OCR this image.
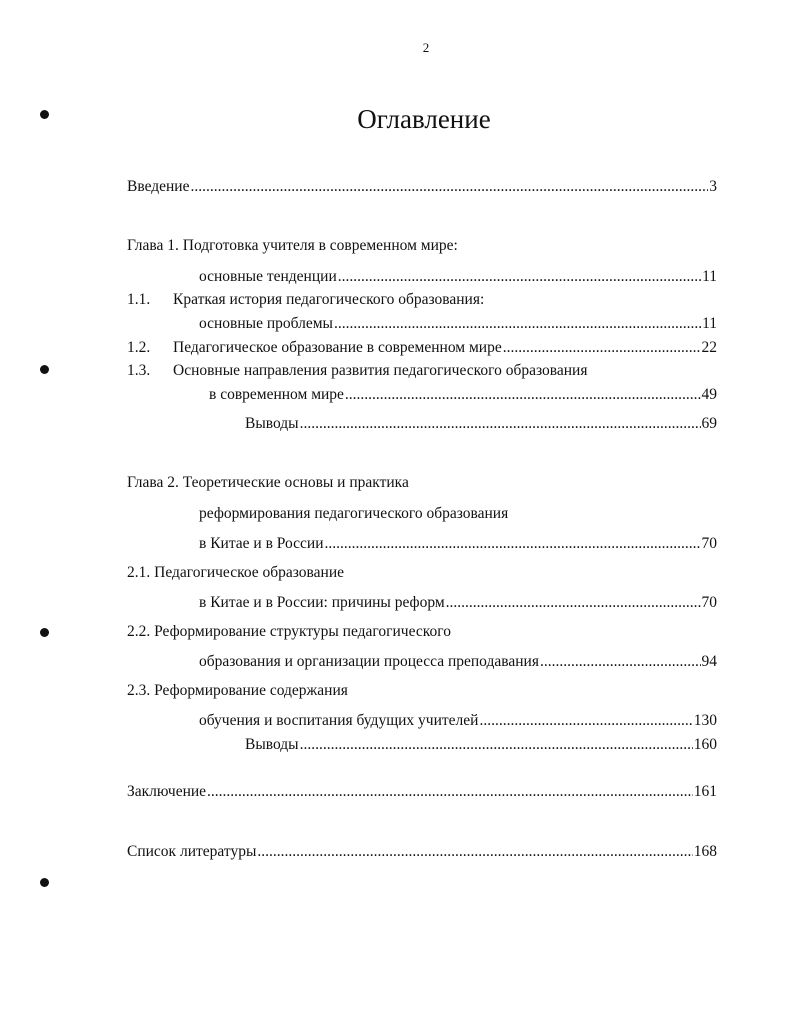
2
Оглавление
Введение .....	3
Глава 1. Подготовка учителя в современном мире:
основные тенденции .....	11
1.1. Краткая история педагогического образования:
основные проблемы .....	11
1.2. Педагогическое образование в современном мире .....	22
1.3. Основные направления развития педагогического образования
в современном мире .....	49
Выводы .....	69
Глава 2. Теоретические основы и практика
реформирования педагогического образования
в Китае и в России .....	70
2.1. Педагогическое образование
в Китае и в России: причины реформ .....	70
2.2. Реформирование структуры педагогического
образования и организации процесса преподавания .....	94
2.3. Реформирование содержания
обучения и воспитания будущих учителей .....	130
Выводы .....	160
Заключение .....	161
Список литературы .....	168
